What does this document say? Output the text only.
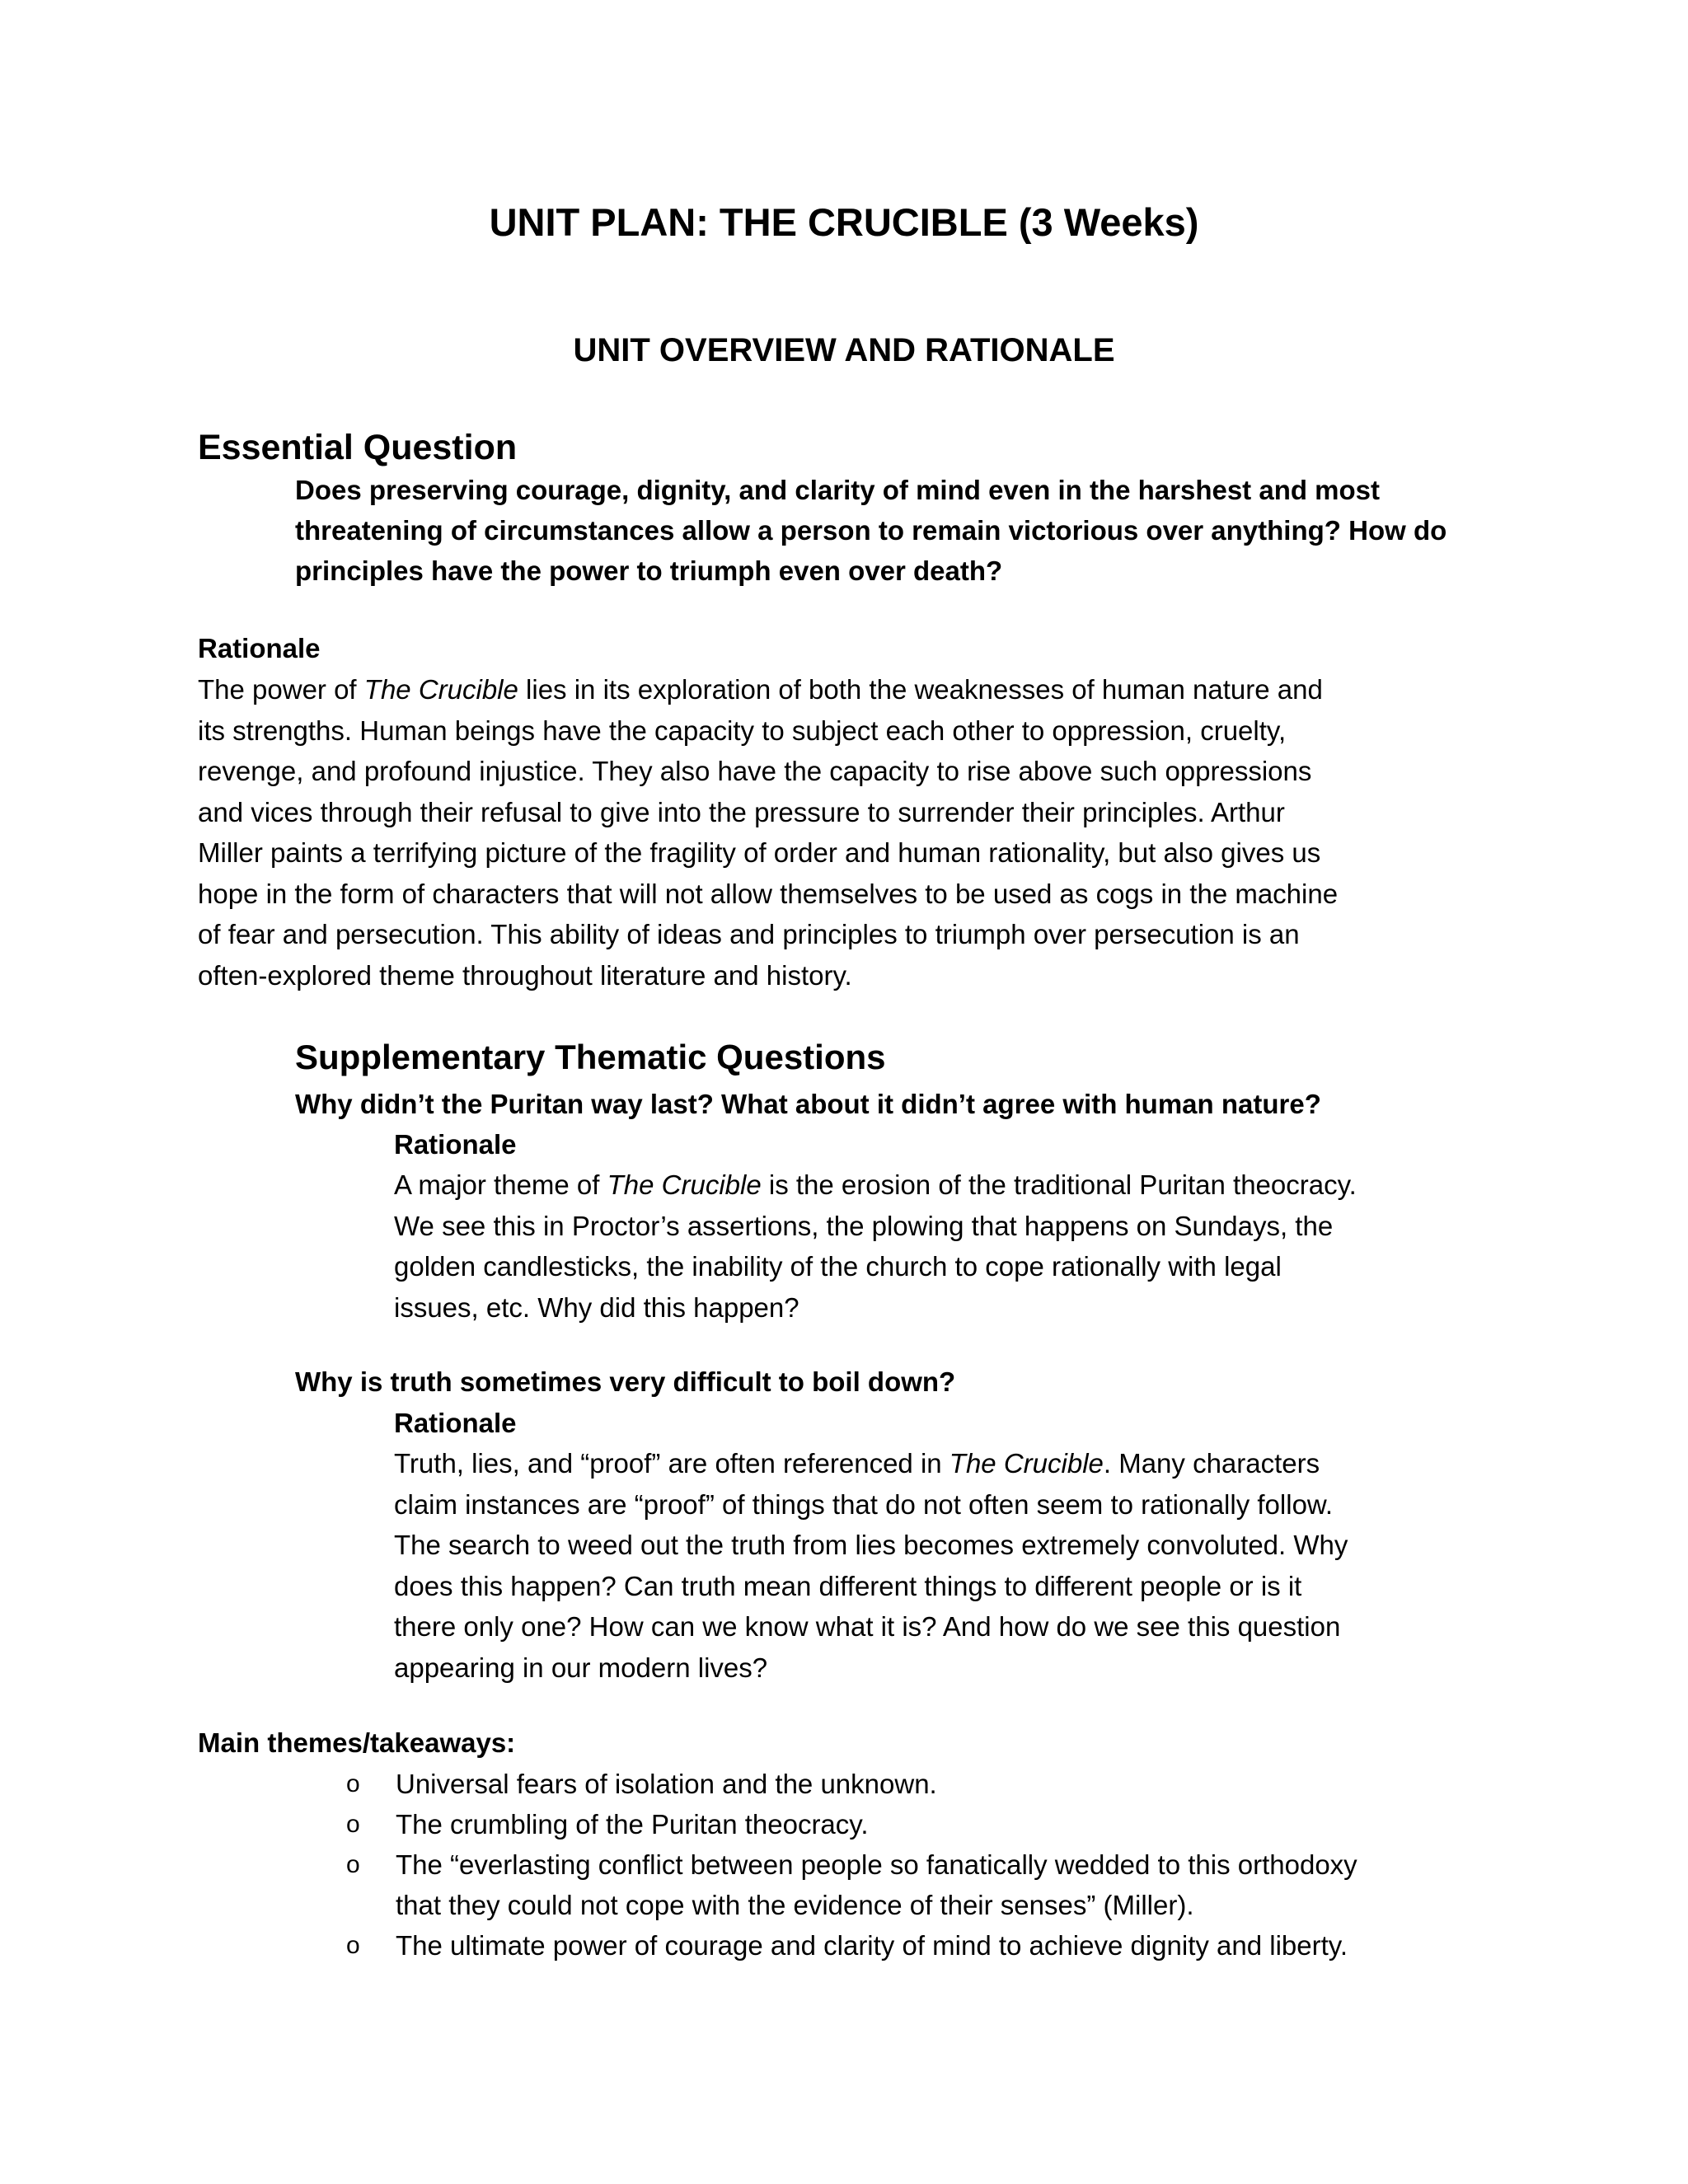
UNIT PLAN: THE CRUCIBLE (3 Weeks)
UNIT OVERVIEW AND RATIONALE
Essential Question
Does preserving courage, dignity, and clarity of mind even in the harshest and most threatening of circumstances allow a person to remain victorious over anything? How do principles have the power to triumph even over death?
Rationale
The power of The Crucible lies in its exploration of both the weaknesses of human nature and
its strengths. Human beings have the capacity to subject each other to oppression, cruelty,
revenge, and profound injustice. They also have the capacity to rise above such oppressions
and vices through their refusal to give into the pressure to surrender their principles. Arthur
Miller paints a terrifying picture of the fragility of order and human rationality, but also gives us
hope in the form of characters that will not allow themselves to be used as cogs in the machine
of fear and persecution. This ability of ideas and principles to triumph over persecution is an
often-explored theme throughout literature and history.
Supplementary Thematic Questions
Why didn’t the Puritan way last? What about it didn’t agree with human nature?
Rationale
A major theme of The Crucible is the erosion of the traditional Puritan theocracy.
We see this in Proctor’s assertions, the plowing that happens on Sundays, the
golden candlesticks, the inability of the church to cope rationally with legal
issues, etc. Why did this happen?
Why is truth sometimes very difficult to boil down?
Rationale
Truth, lies, and “proof” are often referenced in The Crucible. Many characters
claim instances are “proof” of things that do not often seem to rationally follow.
The search to weed out the truth from lies becomes extremely convoluted. Why
does this happen? Can truth mean different things to different people or is it
there only one? How can we know what it is? And how do we see this question
appearing in our modern lives?
Main themes/takeaways:
o Universal fears of isolation and the unknown.
o The crumbling of the Puritan theocracy.
o The “everlasting conflict between people so fanatically wedded to this orthodoxy
that they could not cope with the evidence of their senses” (Miller).
o The ultimate power of courage and clarity of mind to achieve dignity and liberty.
